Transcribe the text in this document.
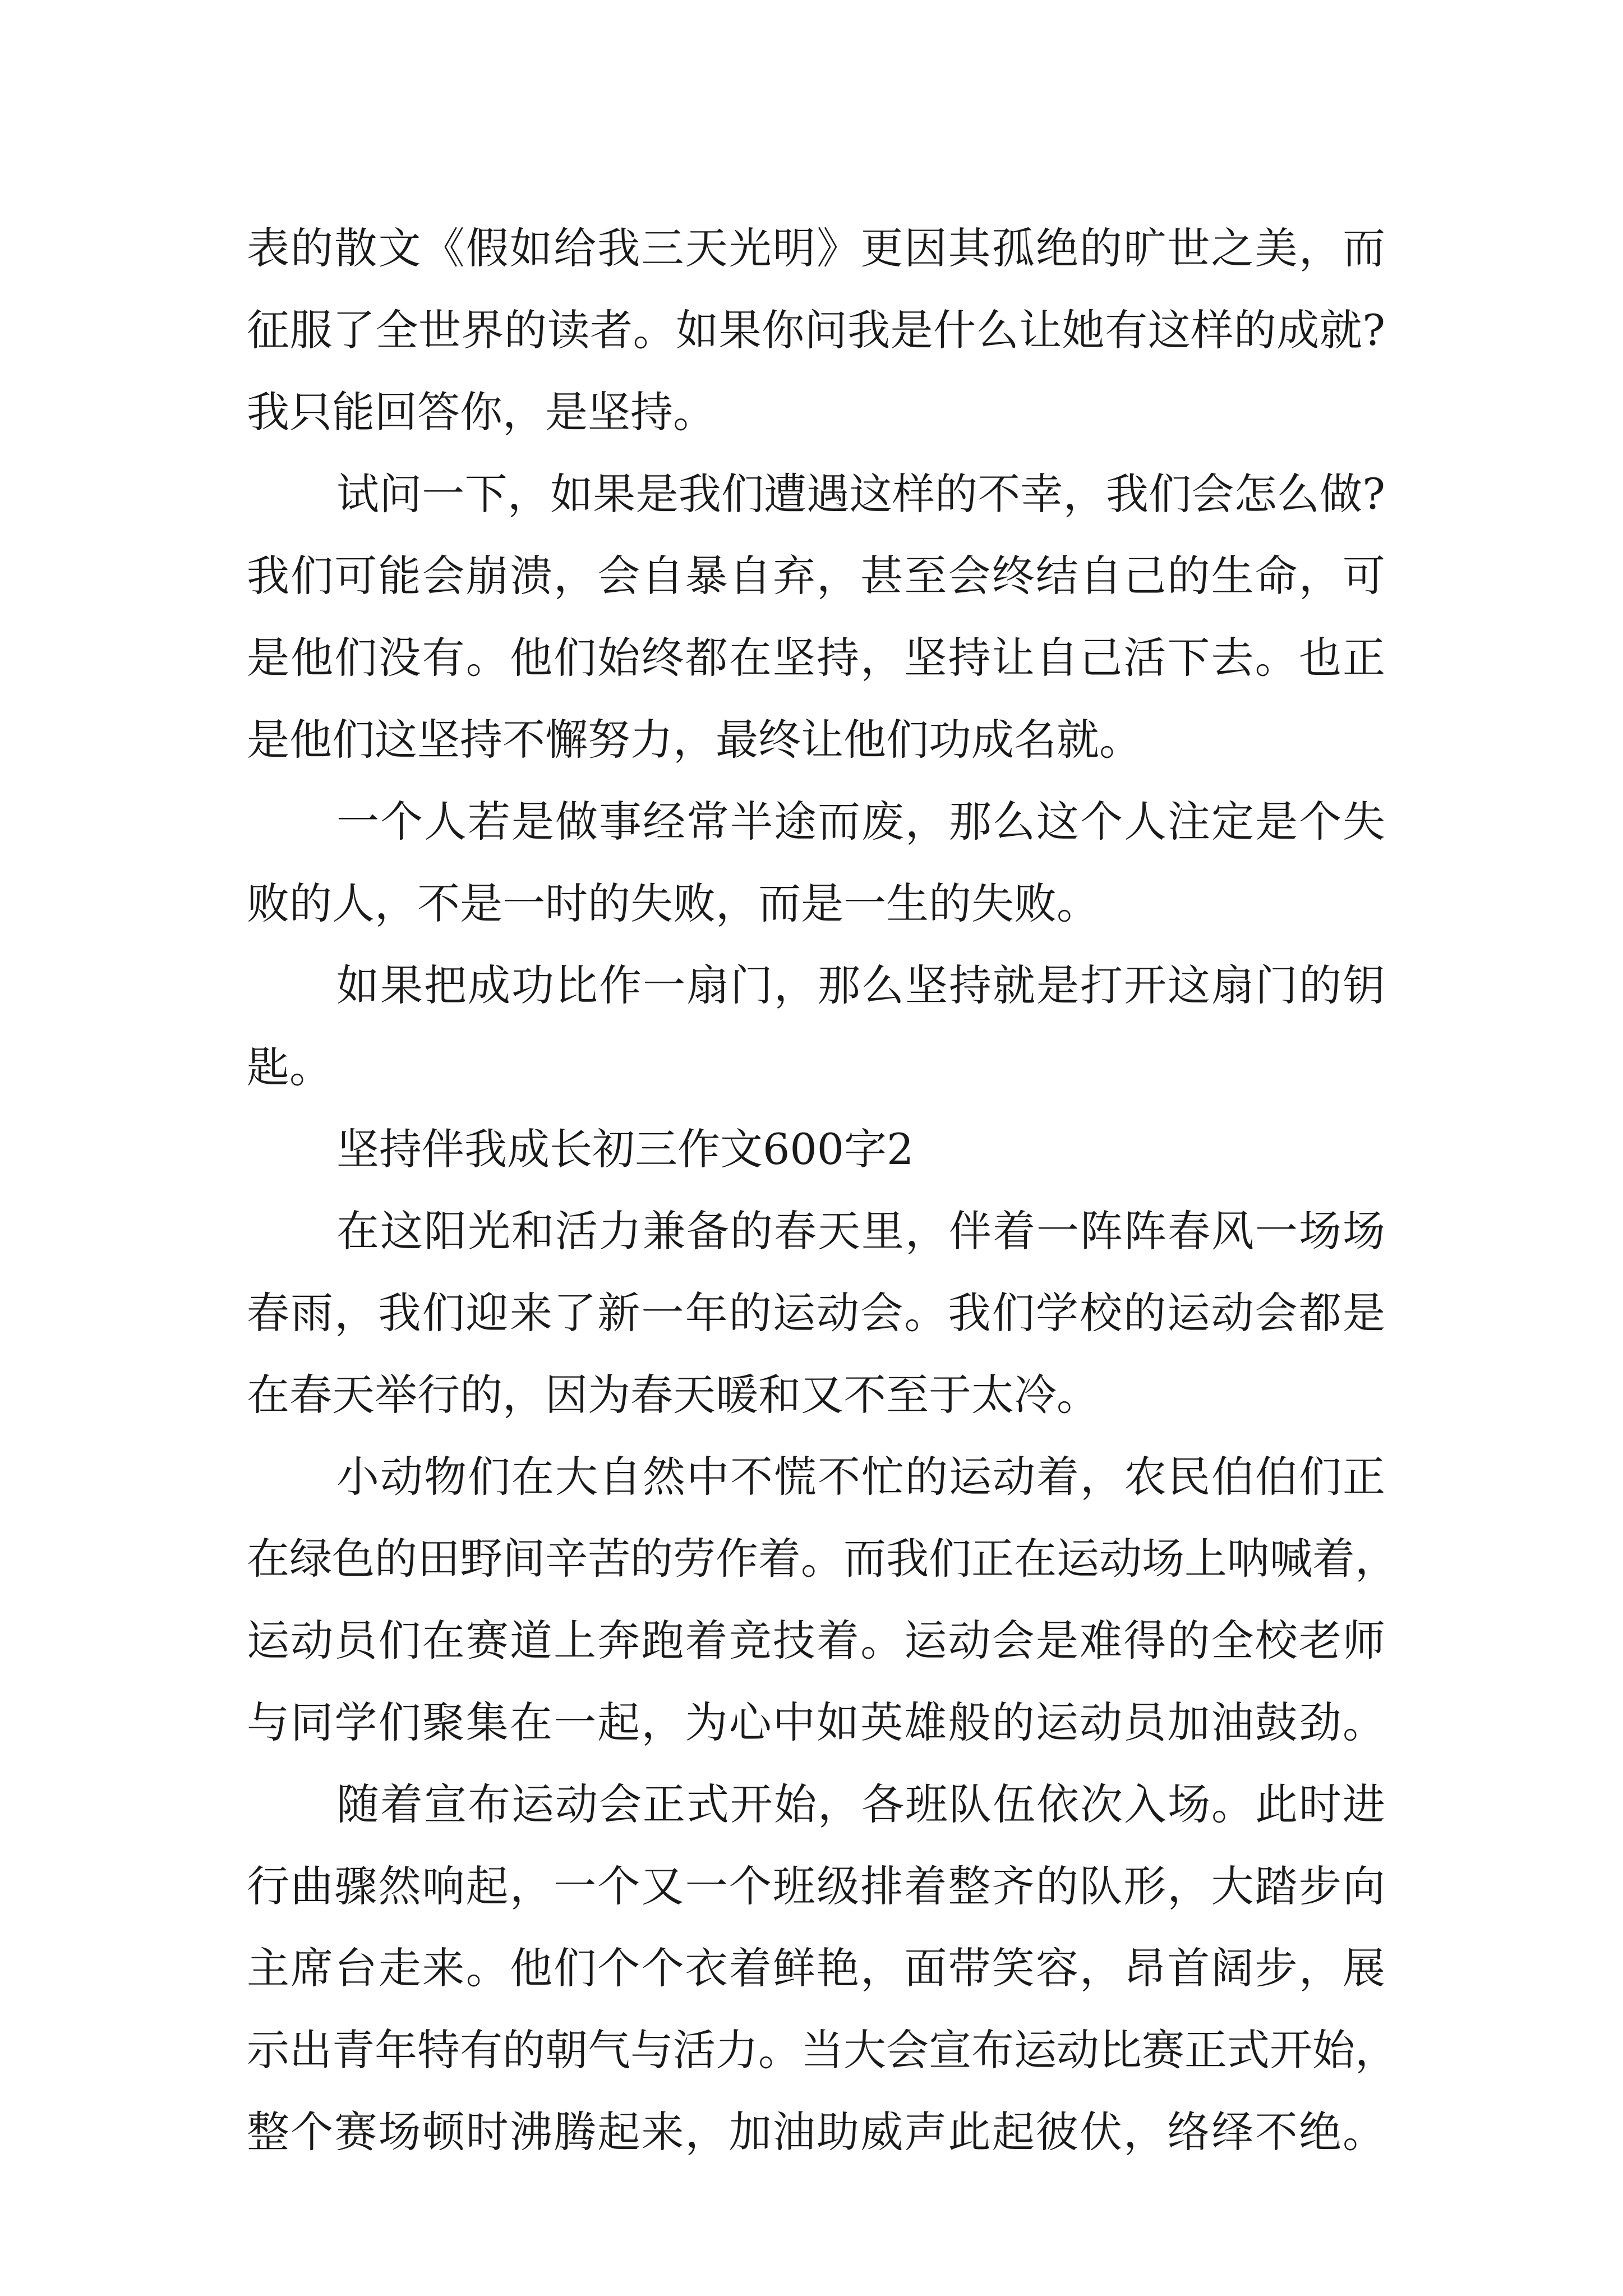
表的散文《假如给我三天光明》更因其孤绝的旷世之美，而
征服了全世界的读者。如果你问我是什么让她有这样的成就?
我只能回答你，是坚持。
试问一下，如果是我们遭遇这样的不幸，我们会怎么做?
我们可能会崩溃，会自暴自弃，甚至会终结自己的生命，可
是他们没有。他们始终都在坚持，坚持让自己活下去。也正
是他们这坚持不懈努力，最终让他们功成名就。
一个人若是做事经常半途而废，那么这个人注定是个失
败的人，不是一时的失败，而是一生的失败。
如果把成功比作一扇门，那么坚持就是打开这扇门的钥
匙。
坚持伴我成长初三作文600字2
在这阳光和活力兼备的春天里，伴着一阵阵春风一场场
春雨，我们迎来了新一年的运动会。我们学校的运动会都是
在春天举行的，因为春天暖和又不至于太冷。
小动物们在大自然中不慌不忙的运动着，农民伯伯们正
在绿色的田野间辛苦的劳作着。而我们正在运动场上呐喊着，
运动员们在赛道上奔跑着竞技着。运动会是难得的全校老师
与同学们聚集在一起，为心中如英雄般的运动员加油鼓劲。
随着宣布运动会正式开始，各班队伍依次入场。此时进
行曲骤然响起，一个又一个班级排着整齐的队形，大踏步向
主席台走来。他们个个衣着鲜艳，面带笑容，昂首阔步，展
示出青年特有的朝气与活力。当大会宣布运动比赛正式开始，
整个赛场顿时沸腾起来，加油助威声此起彼伏，络绎不绝。
